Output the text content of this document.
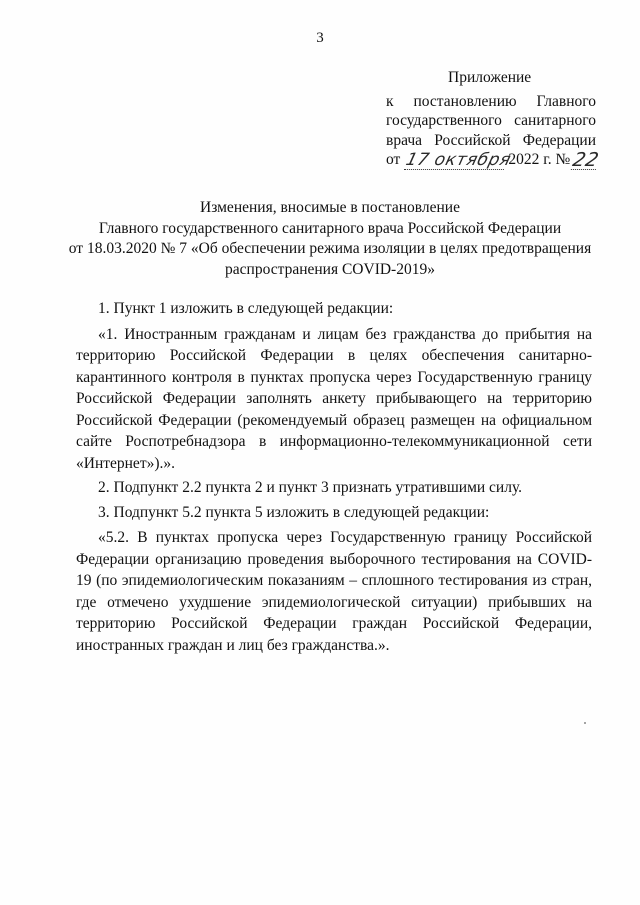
3
Приложение
к постановлению Главного
государственного санитарного
врача Российской Федерации
от 17 октября
2022 г. № 22
Изменения, вносимые в постановление
Главного государственного санитарного врача Российской Федерации
от 18.03.2020 № 7 «Об обеспечении режима изоляции в целях предотвращения
распространения COVID-2019»

1. Пункт 1 изложить в следующей редакции:

«1. Иностранным гражданам и лицам без гражданства до прибытия на территорию Российской Федерации в целях обеспечения санитарно-карантинного контроля в пунктах пропуска через Государственную границу Российской Федерации заполнять анкету прибывающего на территорию Российской Федерации (рекомендуемый образец размещен на официальном сайте Роспотребнадзора в информационно-телекоммуникационной сети «Интернет»).».

2. Подпункт 2.2 пункта 2 и пункт 3 признать утратившими силу.

3. Подпункт 5.2 пункта 5 изложить в следующей редакции:

«5.2. В пунктах пропуска через Государственную границу Российской Федерации организацию проведения выборочного тестирования на COVID-19 (по эпидемиологическим показаниям – сплошного тестирования из стран, где отмечено ухудшение эпидемиологической ситуации) прибывших на территорию Российской Федерации граждан Российской Федерации, иностранных граждан и лиц без гражданства.».
